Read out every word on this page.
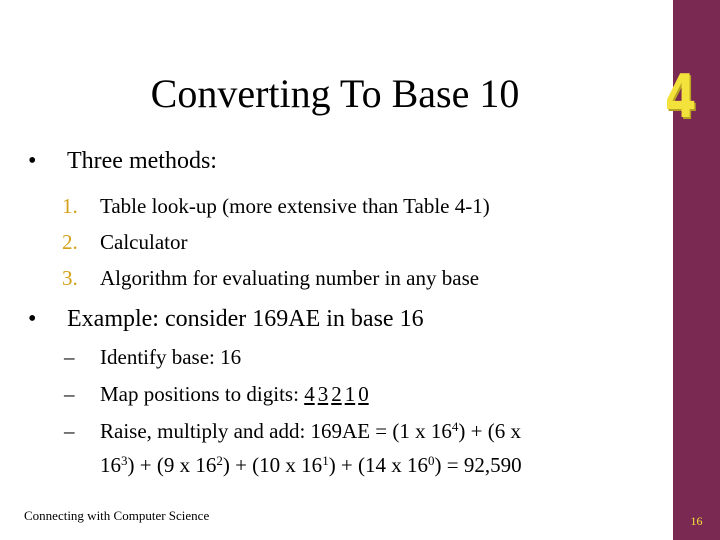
4
Converting To Base 10
•	Three methods:
1. Table look-up (more extensive than Table 4-1)
2. Calculator
3. Algorithm for evaluating number in any base
•	Example: consider 169AE in base 16
– Identify base: 16
– Map positions to digits: 4 3 2 1 0
– Raise, multiply and add: 169AE = (1 x $16^4) + (6$ x
$16^3) + (9$ x $16^2) + (10$ x $16^1) + (14$ x $16^0) = 92,590$
Connecting with Computer Science	16
